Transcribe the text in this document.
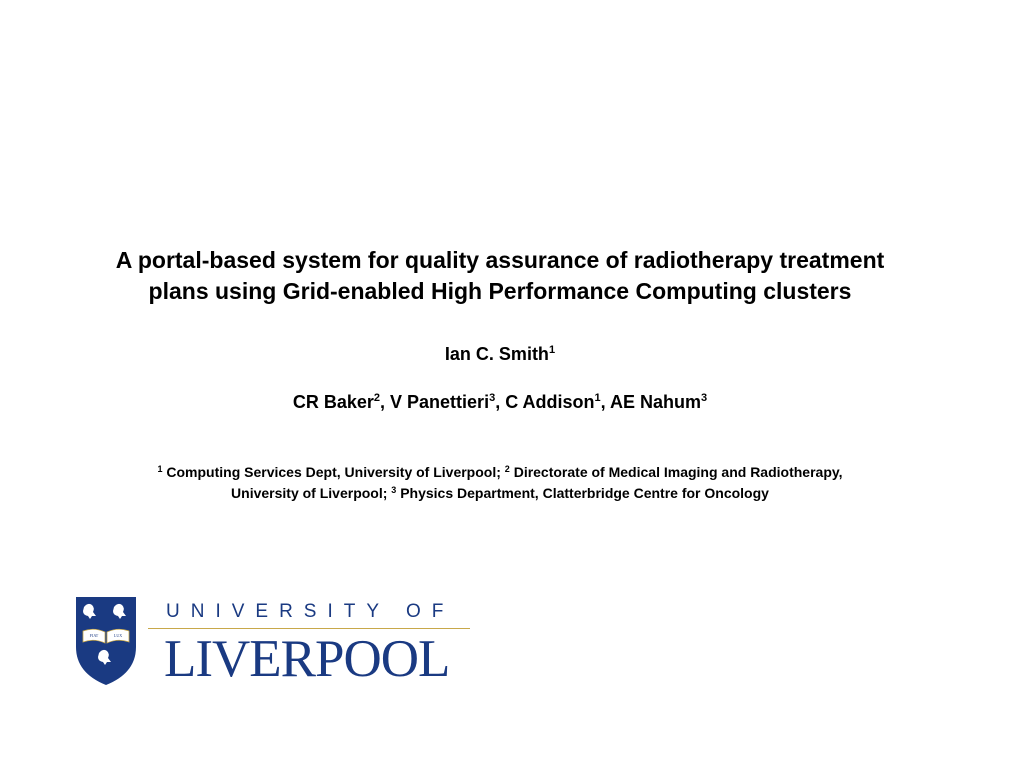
A portal-based system for quality assurance of radiotherapy treatment
plans using Grid-enabled High Performance Computing clusters
Ian C. Smith$^1$
CR Baker$^2$, V Panettieri$^3$, C Addison$^1$, AE Nahum$^3$
$^1$ Computing Services Dept, University of Liverpool; $^2$ Directorate of Medical Imaging and Radiotherapy,
University of Liverpool; $^3$ Physics Department, Clatterbridge Centre for Oncology
FIAT	LUX
UNIVERSITY OF
LIVERPOOL
